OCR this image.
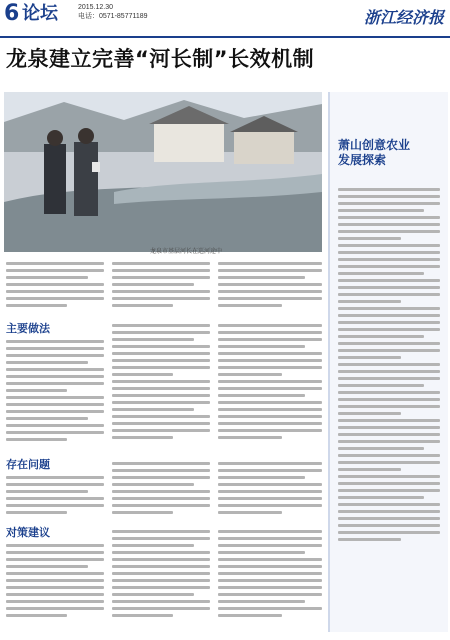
6 论坛	2015.12.30
电话：0571-85771189	浙江经济报
龙泉建立完善“河长制”长效机制
龙泉市基层河长在巡河途中
主要做法
存在问题
对策建议
萧山创意农业
发展探索
